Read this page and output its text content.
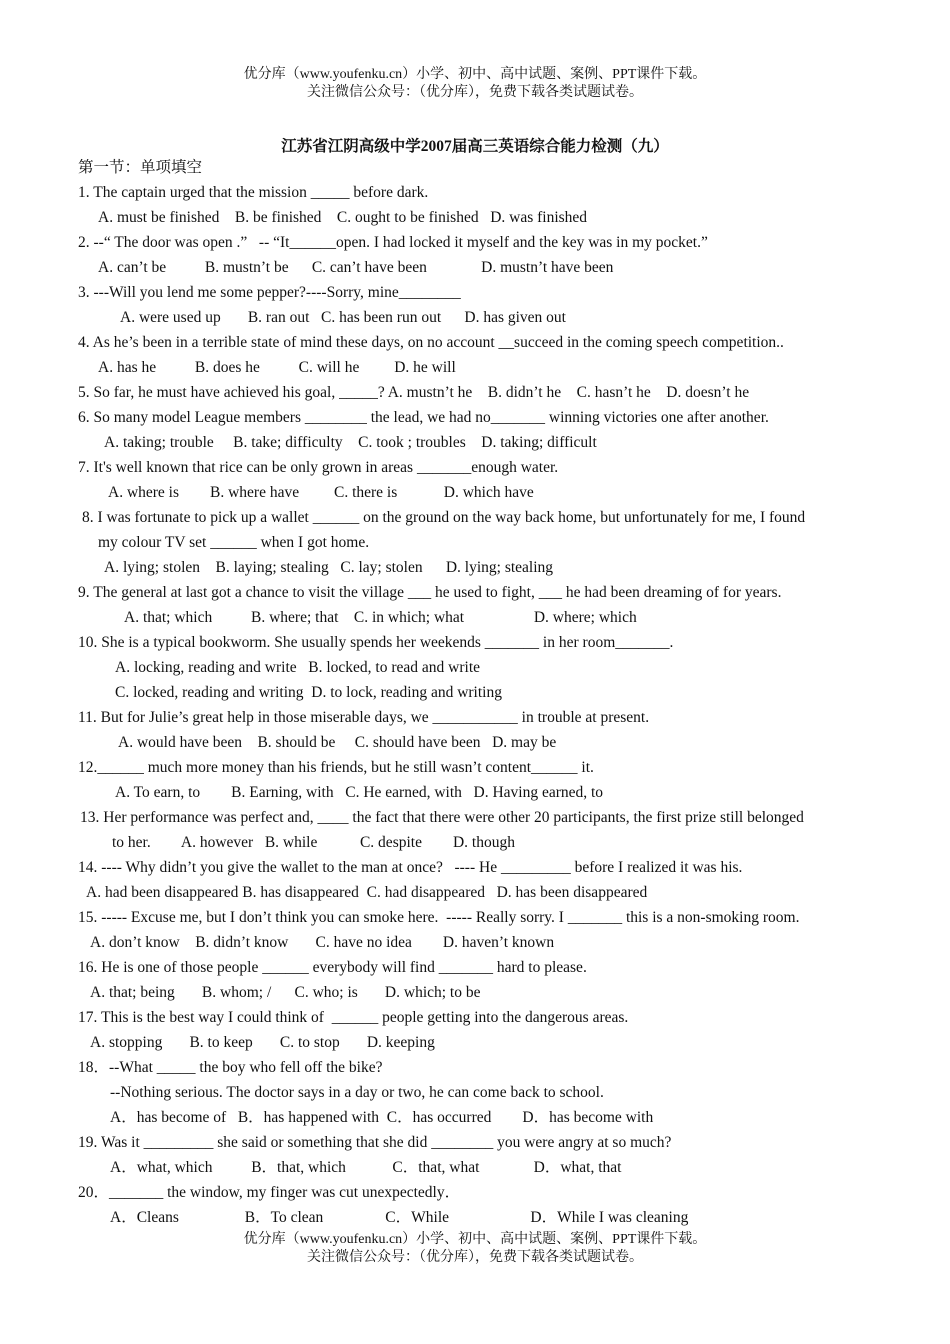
优分库（www.youfenku.cn）小学、初中、高中试题、案例、PPT课件下载。
关注微信公众号：（优分库），免费下载各类试题试卷。
江苏省江阴高级中学2007届高三英语综合能力检测（九）
第一节：单项填空
1. The captain urged that the mission _____ before dark.
A. must be finished    B. be finished    C. ought to be finished   D. was finished
2. --“ The door was open .”   -- “It______open. I had locked it myself and the key was in my pocket.”
A. can’t be          B. mustn’t be      C. can’t have been              D. mustn’t have been
3. ---Will you lend me some pepper?----Sorry, mine________
A. were used up       B. ran out   C. has been run out      D. has given out
4. As he’s been in a terrible state of mind these days, on no account __succeed in the coming speech competition..
A. has he          B. does he          C. will he         D. he will
5. So far, he must have achieved his goal, _____? A. mustn’t he    B. didn’t he    C. hasn’t he    D. doesn’t he
6. So many model League members ________ the lead, we had no_______ winning victories one after another.
A. taking; trouble     B. take; difficulty    C. took ; troubles    D. taking; difficult
7. It's well known that rice can be only grown in areas _______enough water.
A. where is        B. where have         C. there is            D. which have
8. I was fortunate to pick up a wallet ______ on the ground on the way back home, but unfortunately for me, I found
my colour TV set ______ when I got home.
A. lying; stolen    B. laying; stealing   C. lay; stolen      D. lying; stealing
9. The general at last got a chance to visit the village ___ he used to fight, ___ he had been dreaming of for years.
A. that; which          B. where; that    C. in which; what                  D. where; which
10. She is a typical bookworm. She usually spends her weekends _______ in her room_______.
A. locking, reading and write   B. locked, to read and write
C. locked, reading and writing  D. to lock, reading and writing
11. But for Julie’s great help in those miserable days, we ___________ in trouble at present.
A. would have been    B. should be     C. should have been   D. may be
12.______ much more money than his friends, but he still wasn’t content______ it.
A. To earn, to        B. Earning, with   C. He earned, with   D. Having earned, to
13. Her performance was perfect and, ____ the fact that there were other 20 participants, the first prize still belonged
to her.        A. however   B. while           C. despite        D. though
14. ---- Why didn’t you give the wallet to the man at once?   ---- He _________ before I realized it was his.
A. had been disappeared B. has disappeared  C. had disappeared   D. has been disappeared
15. ----- Excuse me, but I don’t think you can smoke here.  ----- Really sorry. I _______ this is a non-smoking room.
A. don’t know    B. didn’t know       C. have no idea        D. haven’t known
16. He is one of those people ______ everybody will find _______ hard to please.
A. that; being       B. whom; /      C. who; is       D. which; to be
17. This is the best way I could think of  ______ people getting into the dangerous areas.
A. stopping       B. to keep       C. to stop       D. keeping
18．--What _____ the boy who fell off the bike?
--Nothing serious. The doctor says in a day or two, he can come back to school.
A．has become of   B．has happened with  C．has occurred        D．has become with
19. Was it _________ she said or something that she did ________ you were angry at so much?
A．what, which          B．that, which            C．that, what              D．what, that
20．_______ the window, my finger was cut unexpectedly．
A．Cleans                 B．To clean                C．While                     D．While I was cleaning
优分库（www.youfenku.cn）小学、初中、高中试题、案例、PPT课件下载。
关注微信公众号：（优分库），免费下载各类试题试卷。
